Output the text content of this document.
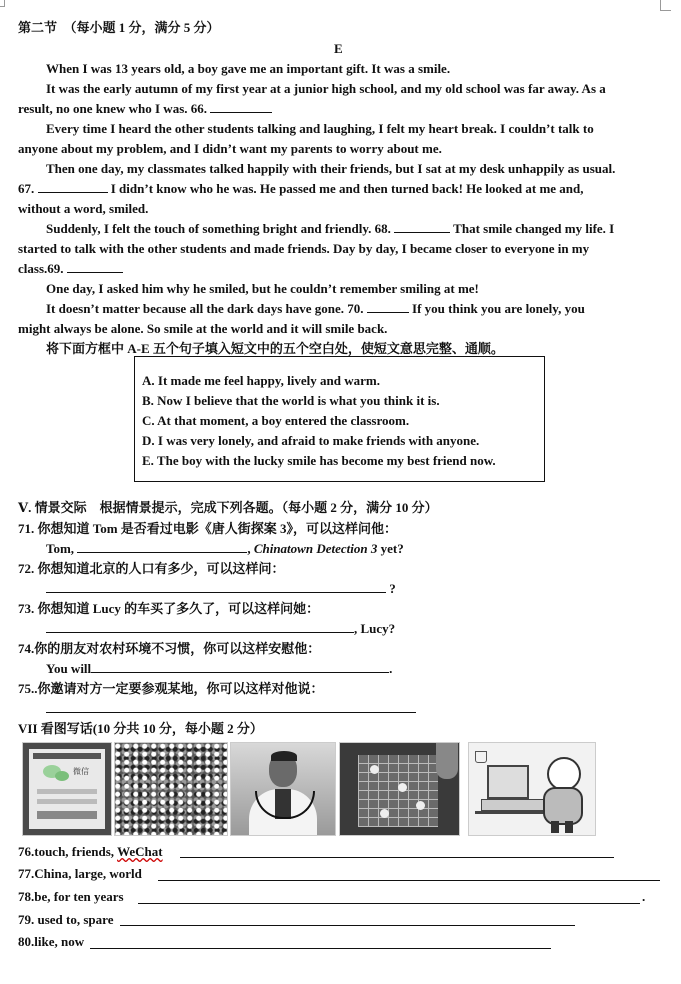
第二节　（每小题 1 分，满分 5 分）
E
When I was 13 years old, a boy gave me an important gift. It was a smile.
It was the early autumn of my first year at a junior high school, and my old school was far away. As a
result, no one knew who I was. 66.
Every time I heard the other students talking and laughing, I felt my heart break. I couldn’t talk to
anyone about my problem, and I didn’t want my parents to worry about me.
Then one day, my classmates talked happily with their friends, but I sat at my desk unhappily as usual.
67.	I didn’t know who he was. He passed me and then turned back! He looked at me and,
without a word, smiled.
Suddenly, I felt the touch of something bright and friendly. 68.	That smile changed my life. I
started to talk with the other students and made friends. Day by day, I became closer to everyone in my
class.69.
One day, I asked him why he smiled, but he couldn’t remember smiling at me!
It doesn’t matter because all the dark days have gone. 70.	If you think you are lonely, you
might always be alone. So smile at the world and it will smile back.
将下面方框中 A-E 五个句子填入短文中的五个空白处，使短文意思完整、通顺。
A. It made me feel happy, lively and warm.
B. Now I believe that the world is what you think it is.
C. At that moment, a boy entered the classroom.
D. I was very lonely, and afraid to make friends with anyone.
E. The boy with the lucky smile has become my best friend now.
Ⅴ. 情景交际　根据情景提示，完成下列各题。（每小题 2 分，满分 10 分）
71. 你想知道 Tom 是否看过电影《唐人街探案 3》，可以这样问他：
Tom,	, Chinatown Detection 3 yet?
72. 你想知道北京的人口有多少，可以这样问：
?
73. 你想知道 Lucy 的车买了多久了，可以这样问她：
, Lucy?
74.你的朋友对农村环境不习惯，你可以这样安慰他：
You will	.
75..你邀请对方一定要参观某地，你可以这样对他说：
VII 看图写话(10 分共 10 分，每小题 2 分）
微信
76.touch, friends, WeChat
77.China, large, world
78.be, for ten years	.
79. used to, spare
80.like, now
